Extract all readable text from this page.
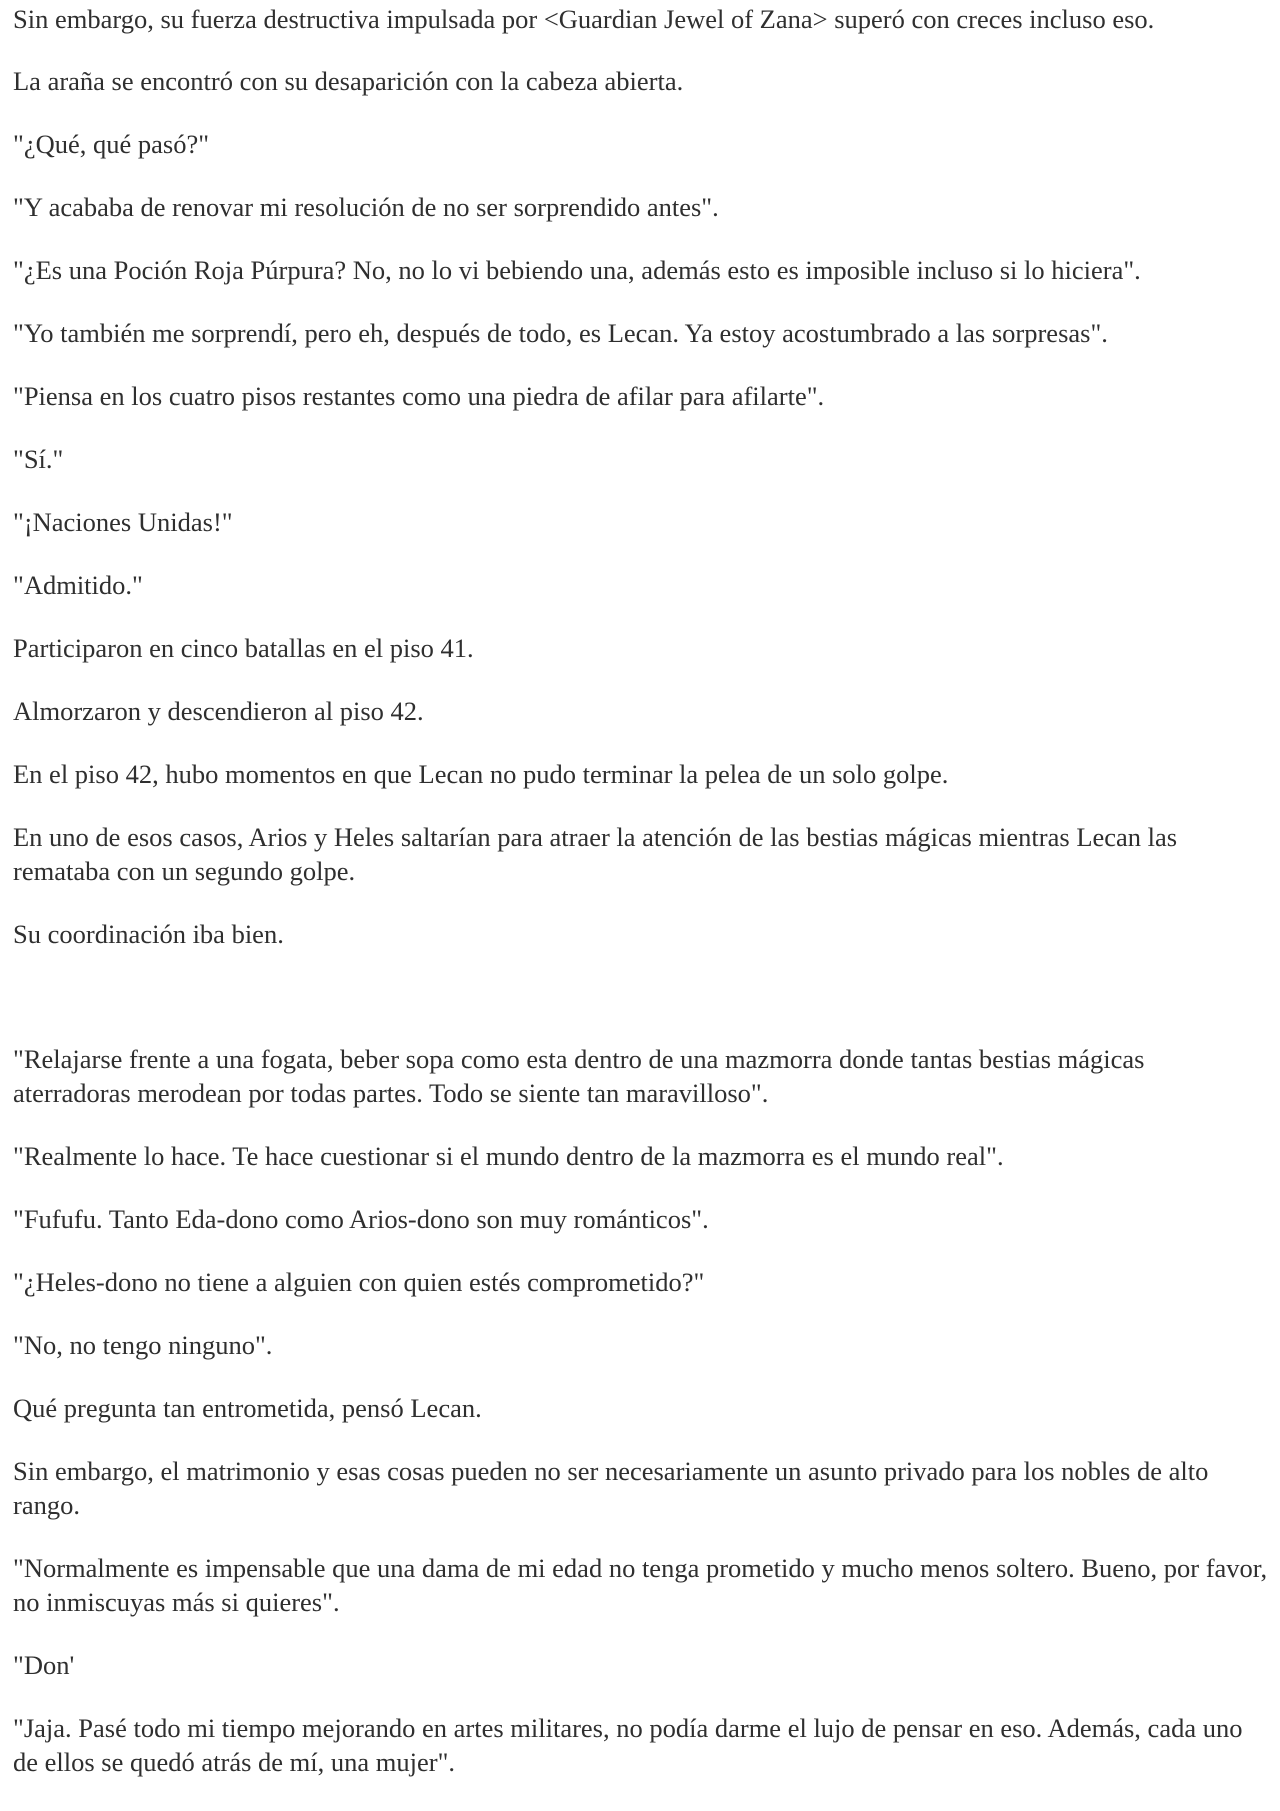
Sin embargo, su fuerza destructiva impulsada por <Guardian Jewel of Zana> superó con creces incluso eso.

La araña se encontró con su desaparición con la cabeza abierta.

"¿Qué, qué pasó?"

"Y acababa de renovar mi resolución de no ser sorprendido antes".

"¿Es una Poción Roja Púrpura? No, no lo vi bebiendo una, además esto es imposible incluso si lo hiciera".

"Yo también me sorprendí, pero eh, después de todo, es Lecan. Ya estoy acostumbrado a las sorpresas".

"Piensa en los cuatro pisos restantes como una piedra de afilar para afilarte".

"Sí."

"¡Naciones Unidas!"

"Admitido."

Participaron en cinco batallas en el piso 41.

Almorzaron y descendieron al piso 42.

En el piso 42, hubo momentos en que Lecan no pudo terminar la pelea de un solo golpe.

En uno de esos casos, Arios y Heles saltarían para atraer la atención de las bestias mágicas mientras Lecan las remataba con un segundo golpe.

Su coordinación iba bien.

"Relajarse frente a una fogata, beber sopa como esta dentro de una mazmorra donde tantas bestias mágicas aterradoras merodean por todas partes. Todo se siente tan maravilloso".

"Realmente lo hace. Te hace cuestionar si el mundo dentro de la mazmorra es el mundo real".

"Fufufu. Tanto Eda-dono como Arios-dono son muy románticos".

"¿Heles-dono no tiene a alguien con quien estés comprometido?"

"No, no tengo ninguno".

Qué pregunta tan entrometida, pensó Lecan.

Sin embargo, el matrimonio y esas cosas pueden no ser necesariamente un asunto privado para los nobles de alto rango.

"Normalmente es impensable que una dama de mi edad no tenga prometido y mucho menos soltero. Bueno, por favor, no inmiscuyas más si quieres".

"Don'

"Jaja. Pasé todo mi tiempo mejorando en artes militares, no podía darme el lujo de pensar en eso. Además, cada uno de ellos se quedó atrás de mí, una mujer".
